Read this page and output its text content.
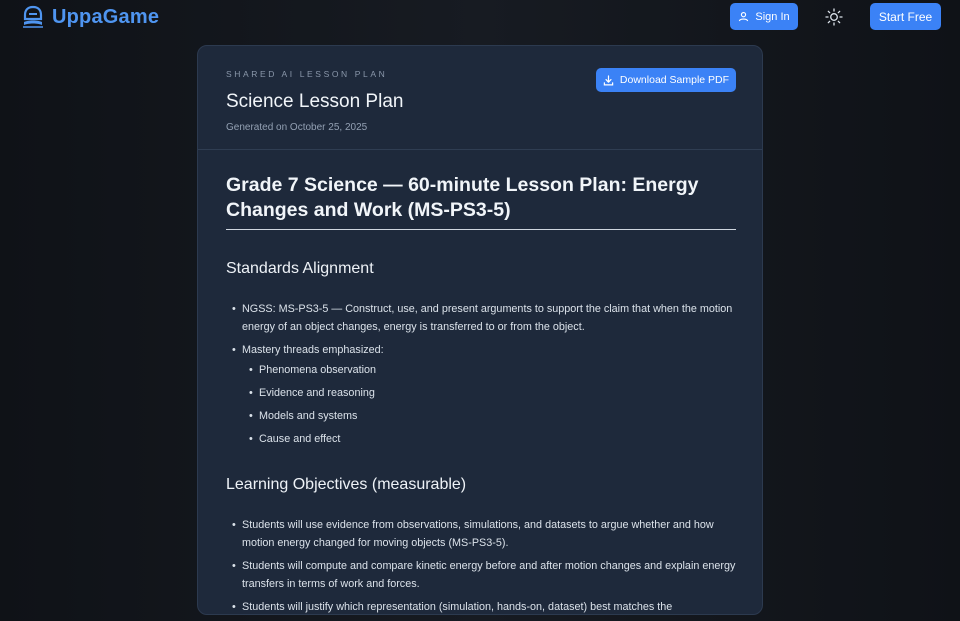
UppaGame	Sign In	Start Free
SHARED AI LESSON PLAN
Science Lesson Plan
Generated on October 25, 2025
Download Sample PDF
Grade 7 Science — 60-minute Lesson Plan: Energy Changes and Work (MS-PS3-5)
Standards Alignment
• NGSS: MS-PS3-5 — Construct, use, and present arguments to support the claim that when the motion energy of an object changes, energy is transferred to or from the object.
• Mastery threads emphasized:
• Phenomena observation
• Evidence and reasoning
• Models and systems
• Cause and effect
Learning Objectives (measurable)
• Students will use evidence from observations, simulations, and datasets to argue whether and how motion energy changed for moving objects (MS-PS3-5).
• Students will compute and compare kinetic energy before and after motion changes and explain energy transfers in terms of work and forces.
• Students will justify which representation (simulation, hands-on, dataset) best matches the
